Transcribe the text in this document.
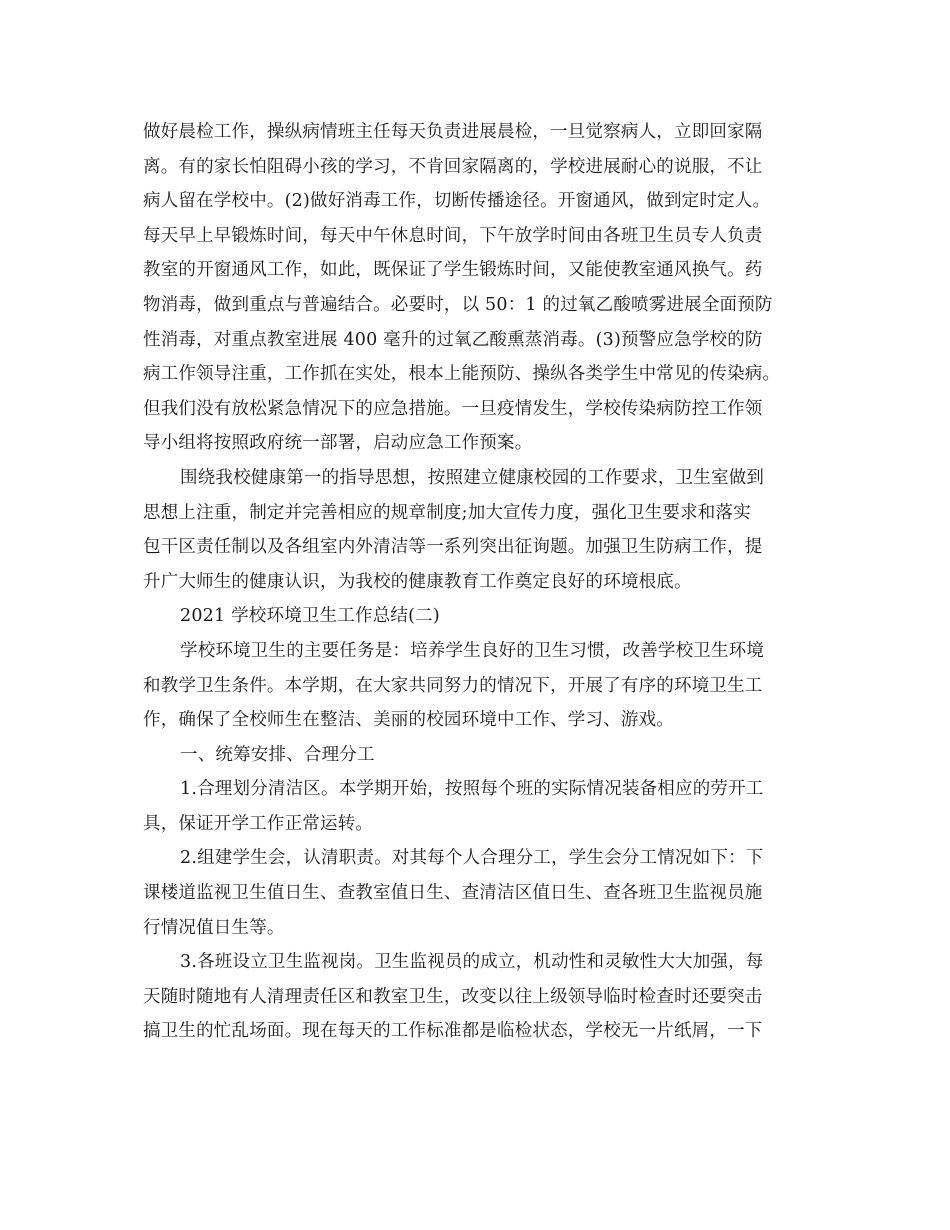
做好晨检工作，操纵病情班主任每天负责进展晨检，一旦觉察病人，立即回家隔
离。有的家长怕阻碍小孩的学习，不肯回家隔离的，学校进展耐心的说服，不让
病人留在学校中。(2)做好消毒工作，切断传播途径。开窗通风，做到定时定人。
每天早上早锻炼时间，每天中午休息时间，下午放学时间由各班卫生员专人负责
教室的开窗通风工作，如此，既保证了学生锻炼时间，又能使教室通风换气。药
物消毒，做到重点与普遍结合。必要时，以 50：1 的过氧乙酸喷雾进展全面预防
性消毒，对重点教室进展 400 毫升的过氧乙酸熏蒸消毒。(3)预警应急学校的防
病工作领导注重，工作抓在实处，根本上能预防、操纵各类学生中常见的传染病。
但我们没有放松紧急情况下的应急措施。一旦疫情发生，学校传染病防控工作领
导小组将按照政府统一部署，启动应急工作预案。
围绕我校健康第一的指导思想，按照建立健康校园的工作要求，卫生室做到
思想上注重，制定并完善相应的规章制度;加大宣传力度，强化卫生要求和落实
包干区责任制以及各组室内外清洁等一系列突出征询题。加强卫生防病工作，提
升广大师生的健康认识，为我校的健康教育工作奠定良好的环境根底。
2021 学校环境卫生工作总结(二)
学校环境卫生的主要任务是：培养学生良好的卫生习惯，改善学校卫生环境
和教学卫生条件。本学期，在大家共同努力的情况下，开展了有序的环境卫生工
作，确保了全校师生在整洁、美丽的校园环境中工作、学习、游戏。
一、统筹安排、合理分工
1.合理划分清洁区。本学期开始，按照每个班的实际情况装备相应的劳开工
具，保证开学工作正常运转。
2.组建学生会，认清职责。对其每个人合理分工，学生会分工情况如下：下
课楼道监视卫生值日生、查教室值日生、查清洁区值日生、查各班卫生监视员施
行情况值日生等。
3.各班设立卫生监视岗。卫生监视员的成立，机动性和灵敏性大大加强，每
天随时随地有人清理责任区和教室卫生，改变以往上级领导临时检查时还要突击
搞卫生的忙乱场面。现在每天的工作标准都是临检状态，学校无一片纸屑，一下
